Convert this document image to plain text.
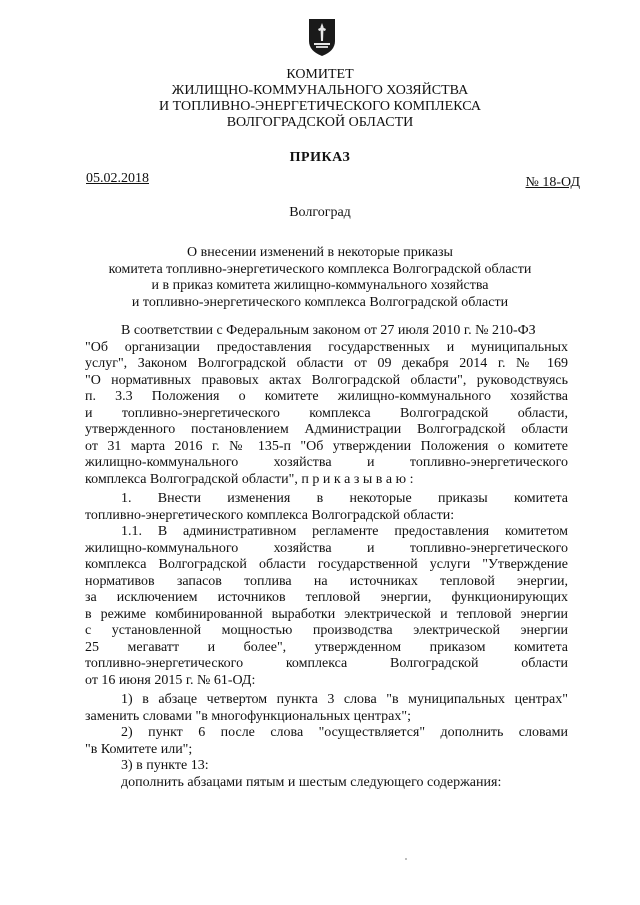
КОМИТЕТ
ЖИЛИЩНО-КОММУНАЛЬНОГО ХОЗЯЙСТВА
И ТОПЛИВНО-ЭНЕРГЕТИЧЕСКОГО КОМПЛЕКСА
ВОЛГОГРАДСКОЙ ОБЛАСТИ
ПРИКАЗ
05.02.2018	№ 18-ОД
Волгоград
О внесении изменений в некоторые приказы
комитета топливно-энергетического комплекса Волгоградской области
и в приказ комитета жилищно-коммунального хозяйства
и топливно-энергетического комплекса Волгоградской области
В соответствии с Федеральным законом от 27 июля 2010 г. № 210-ФЗ
"Об организации предоставления государственных и муниципальных
услуг", Законом Волгоградской области от 09 декабря 2014 г. № 169
"О нормативных правовых актах Волгоградской области", руководствуясь
п. 3.3 Положения о комитете жилищно-коммунального хозяйства
и топливно-энергетического комплекса Волгоградской области,
утвержденного постановлением Администрации Волгоградской области
от 31 марта 2016 г. № 135-п "Об утверждении Положения о комитете
жилищно-коммунального хозяйства и топливно-энергетического
комплекса Волгоградской области", п р и к а з ы в а ю :
1. Внести изменения в некоторые приказы комитета
топливно-энергетического комплекса Волгоградской области:
1.1. В административном регламенте предоставления комитетом
жилищно-коммунального хозяйства и топливно-энергетического
комплекса Волгоградской области государственной услуги "Утверждение
нормативов запасов топлива на источниках тепловой энергии,
за исключением источников тепловой энергии, функционирующих
в режиме комбинированной выработки электрической и тепловой энергии
с установленной мощностью производства электрической энергии
25 мегаватт и более", утвержденном приказом комитета
топливно-энергетического комплекса Волгоградской области
от 16 июня 2015 г. № 61-ОД:
1) в абзаце четвертом пункта 3 слова "в муниципальных центрах"
заменить словами "в многофункциональных центрах";
2) пункт 6 после слова "осуществляется" дополнить словами
"в Комитете или";
3) в пункте 13:
дополнить абзацами пятым и шестым следующего содержания:
